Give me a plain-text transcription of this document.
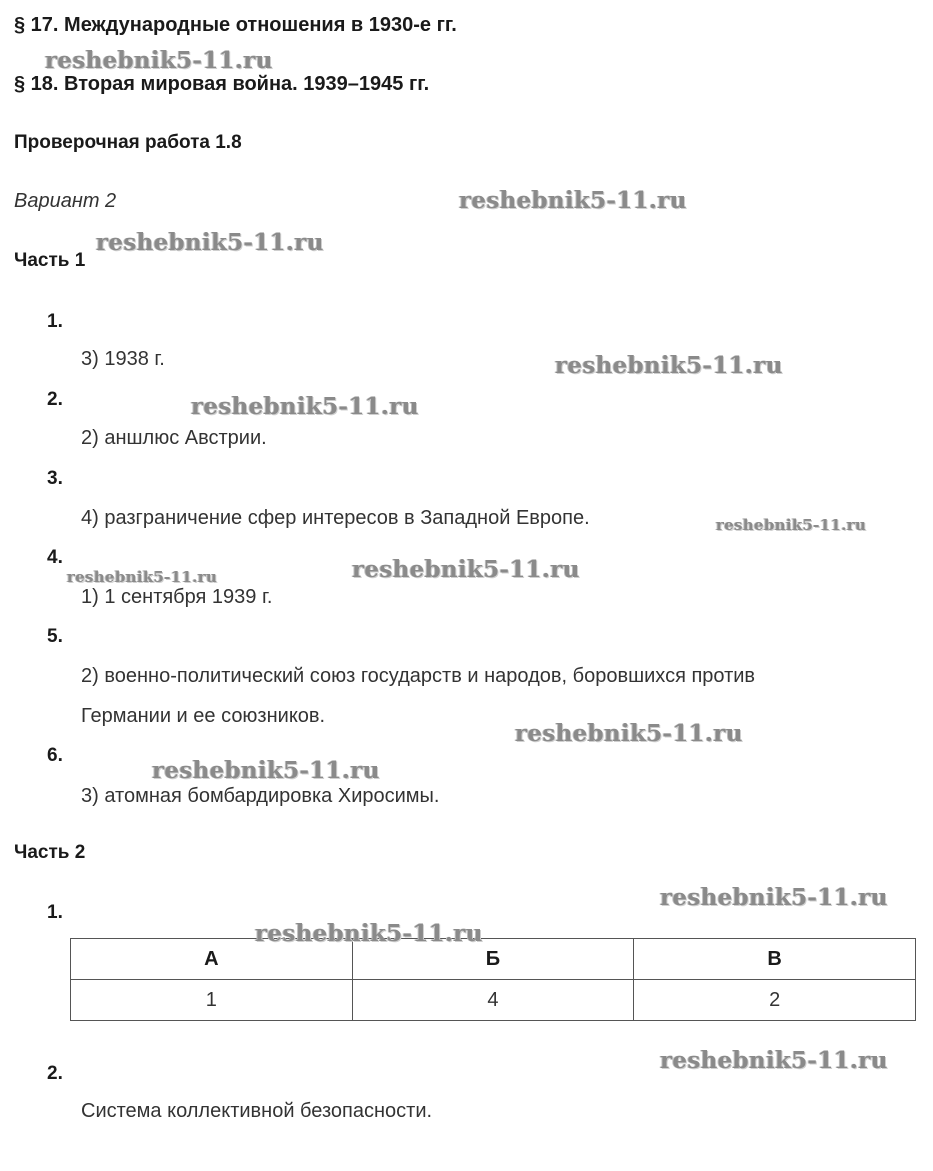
§ 17. Международные отношения в 1930-е гг.
§ 18. Вторая мировая война. 1939–1945 гг.
Проверочная работа 1.8
Вариант 2
Часть 1
1.
3) 1938 г.
2.
2) аншлюс Австрии.
3.
4) разграничение сфер интересов в Западной Европе.
4.
1) 1 сентября 1939 г.
5.
2) военно-политический союз государств и народов, боровшихся против
Германии и ее союзников.
6.
3) атомная бомбардировка Хиросимы.
Часть 2
1.
А	Б	В
1	4	2
2.
Система коллективной безопасности.
reshebnik5-11.ru
reshebnik5-11.ru
reshebnik5-11.ru
reshebnik5-11.ru
reshebnik5-11.ru
reshebnik5-11.ru
reshebnik5-11.ru
reshebnik5-11.ru
reshebnik5-11.ru
reshebnik5-11.ru
reshebnik5-11.ru
reshebnik5-11.ru
reshebnik5-11.ru
